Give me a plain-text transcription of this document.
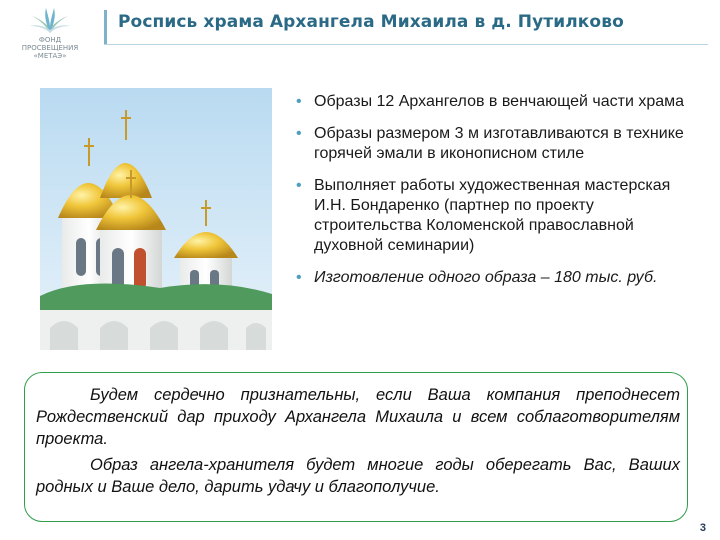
ФОНД
ПРОСВЕЩЕНИЯ
«МЕТАЭ»
Роспись храма Архангела Михаила в д. Путилково
• Образы 12 Архангелов в венчающей части храма
• Образы размером 3 м изготавливаются в технике горячей эмали в иконописном стиле
• Выполняет работы художественная мастерская И.Н. Бондаренко (партнер по проекту строительства Коломенской православной духовной семинарии)
• Изготовление одного образа – 180 тыс. руб.
Будем сердечно признательны, если Ваша компания преподнесет Рождественский дар приходу Архангела Михаила и всем соблаготворителям проекта.
Образ ангела-хранителя будет многие годы оберегать Вас, Ваших родных и Ваше дело, дарить удачу и благополучие.
3
